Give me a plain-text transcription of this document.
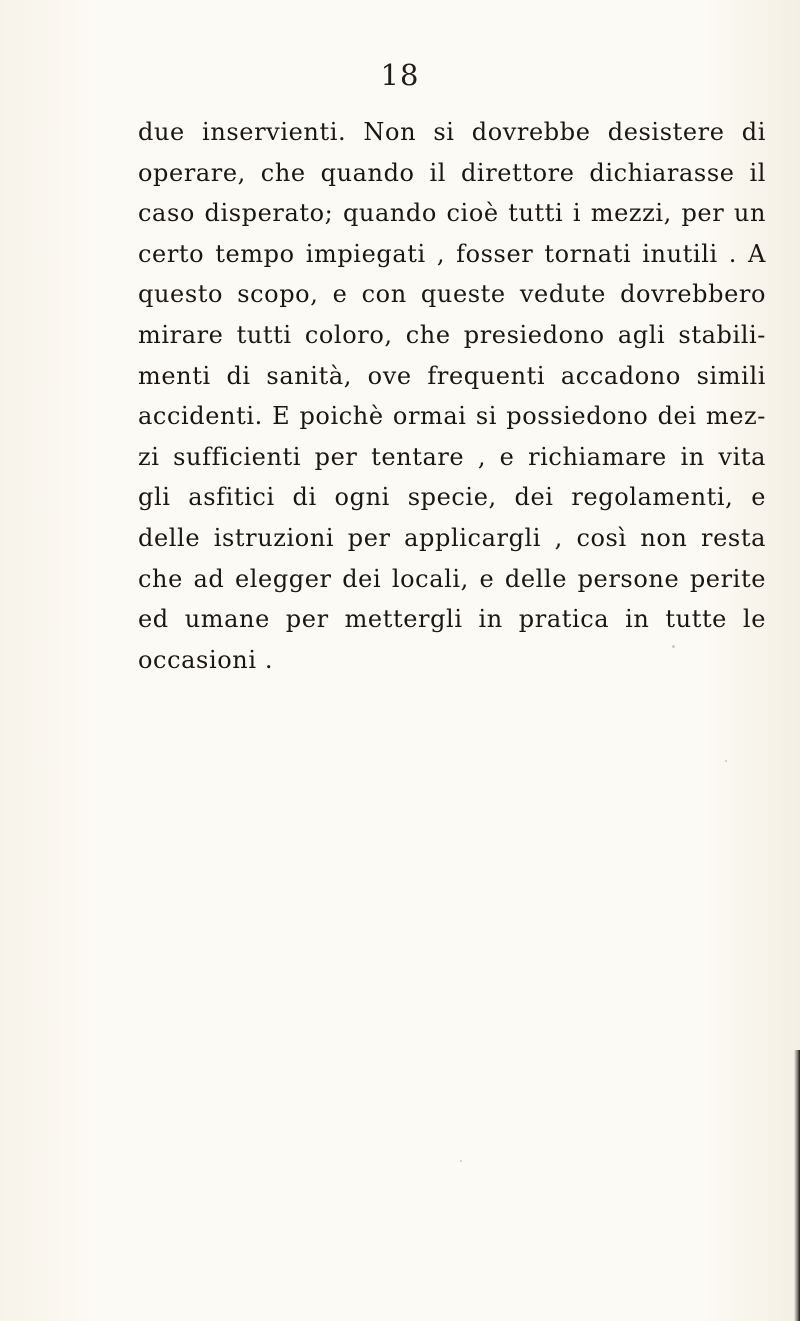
18
due inservienti. Non si dovrebbe desistere di
operare, che quando il direttore dichiarasse il
caso disperato; quando cioè tutti i mezzi, per un
certo tempo impiegati , fosser tornati inutili . A
questo scopo, e con queste vedute dovrebbero
mirare tutti coloro, che presiedono agli stabili-
menti di sanità, ove frequenti accadono simili
accidenti. E poichè ormai si possiedono dei mez-
zi sufficienti per tentare , e richiamare in vita
gli asfitici di ogni specie, dei regolamenti, e
delle istruzioni per applicargli , così non resta
che ad elegger dei locali, e delle persone perite
ed umane per mettergli in pratica in tutte le
occasioni .
